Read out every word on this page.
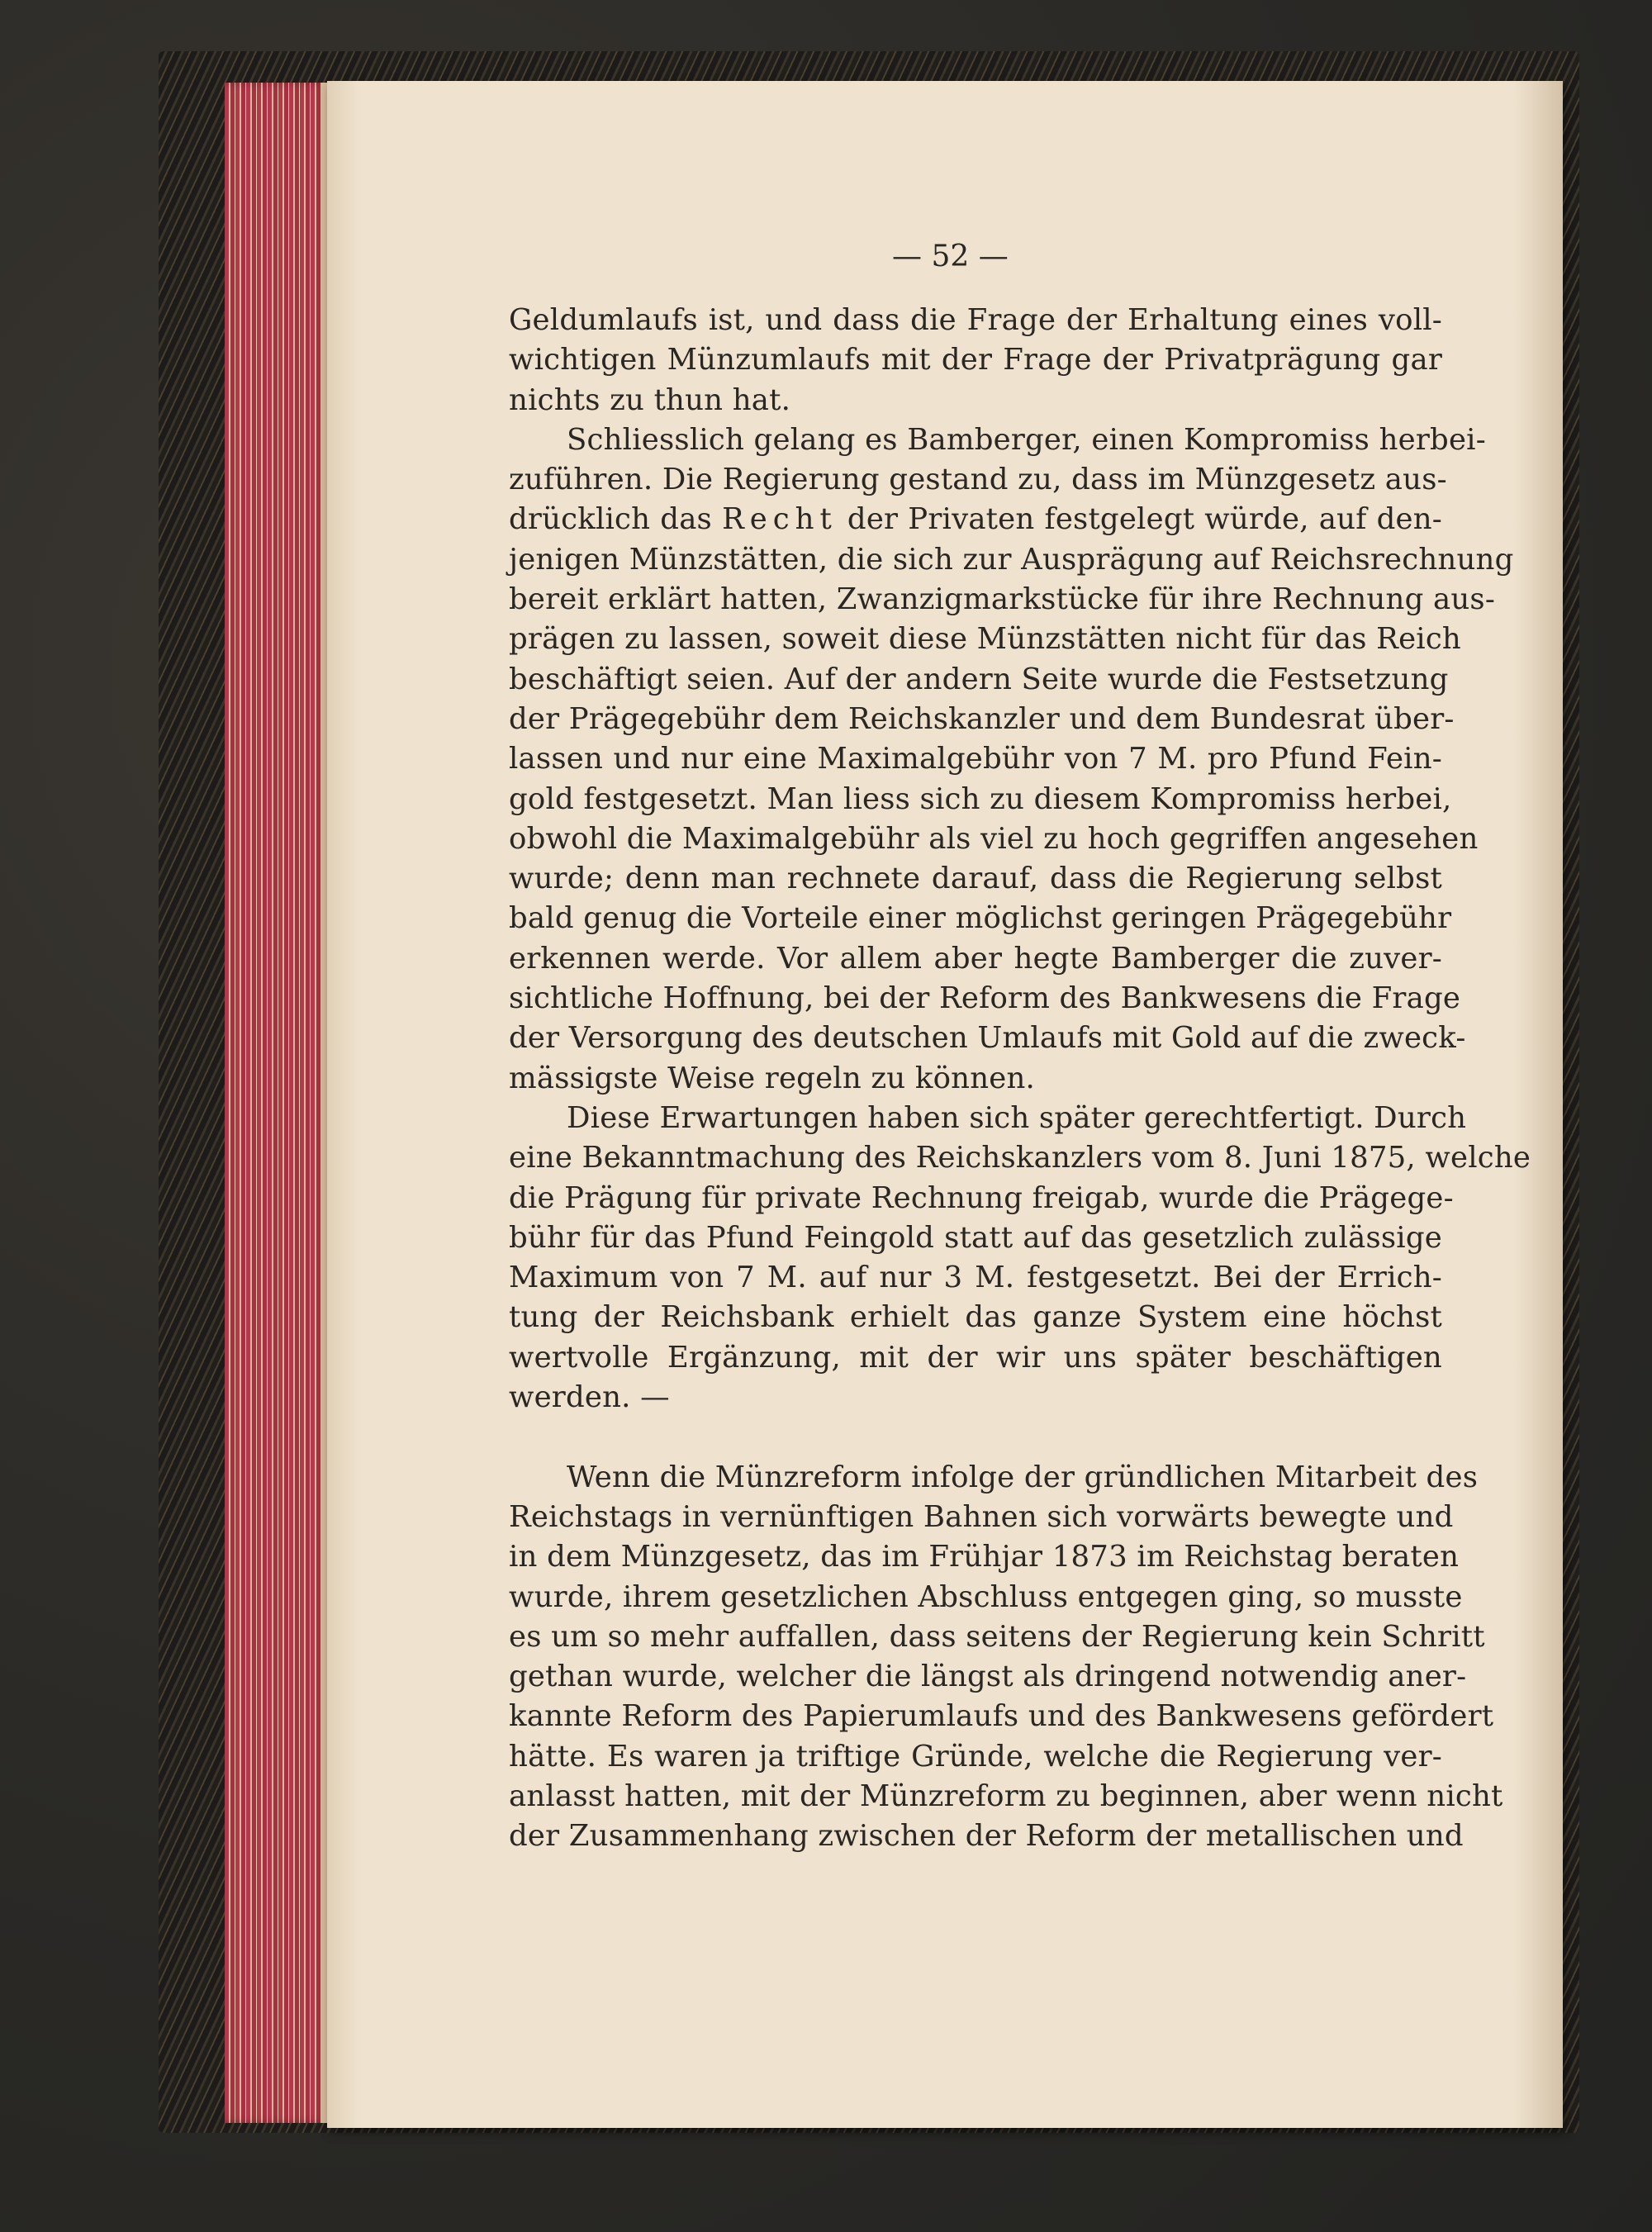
— 52 —
Geldumlaufs ist, und dass die Frage der Erhaltung eines voll-
wichtigen Münzumlaufs mit der Frage der Privatprägung gar
nichts zu thun hat.
Schliesslich gelang es Bamberger, einen Kompromiss herbei-
zuführen. Die Regierung gestand zu, dass im Münzgesetz aus-
drücklich das Recht der Privaten festgelegt würde, auf den-
jenigen Münzstätten, die sich zur Ausprägung auf Reichsrechnung
bereit erklärt hatten, Zwanzigmarkstücke für ihre Rechnung aus-
prägen zu lassen, soweit diese Münzstätten nicht für das Reich
beschäftigt seien. Auf der andern Seite wurde die Festsetzung
der Prägegebühr dem Reichskanzler und dem Bundesrat über-
lassen und nur eine Maximalgebühr von 7 M. pro Pfund Fein-
gold festgesetzt. Man liess sich zu diesem Kompromiss herbei,
obwohl die Maximalgebühr als viel zu hoch gegriffen angesehen
wurde; denn man rechnete darauf, dass die Regierung selbst
bald genug die Vorteile einer möglichst geringen Prägegebühr
erkennen werde. Vor allem aber hegte Bamberger die zuver-
sichtliche Hoffnung, bei der Reform des Bankwesens die Frage
der Versorgung des deutschen Umlaufs mit Gold auf die zweck-
mässigste Weise regeln zu können.
Diese Erwartungen haben sich später gerechtfertigt. Durch
eine Bekanntmachung des Reichskanzlers vom 8. Juni 1875, welche
die Prägung für private Rechnung freigab, wurde die Prägege-
bühr für das Pfund Feingold statt auf das gesetzlich zulässige
Maximum von 7 M. auf nur 3 M. festgesetzt. Bei der Errich-
tung der Reichsbank erhielt das ganze System eine höchst
wertvolle Ergänzung, mit der wir uns später beschäftigen
werden. —
Wenn die Münzreform infolge der gründlichen Mitarbeit des
Reichstags in vernünftigen Bahnen sich vorwärts bewegte und
in dem Münzgesetz, das im Frühjar 1873 im Reichstag beraten
wurde, ihrem gesetzlichen Abschluss entgegen ging, so musste
es um so mehr auffallen, dass seitens der Regierung kein Schritt
gethan wurde, welcher die längst als dringend notwendig aner-
kannte Reform des Papierumlaufs und des Bankwesens gefördert
hätte. Es waren ja triftige Gründe, welche die Regierung ver-
anlasst hatten, mit der Münzreform zu beginnen, aber wenn nicht
der Zusammenhang zwischen der Reform der metallischen und
